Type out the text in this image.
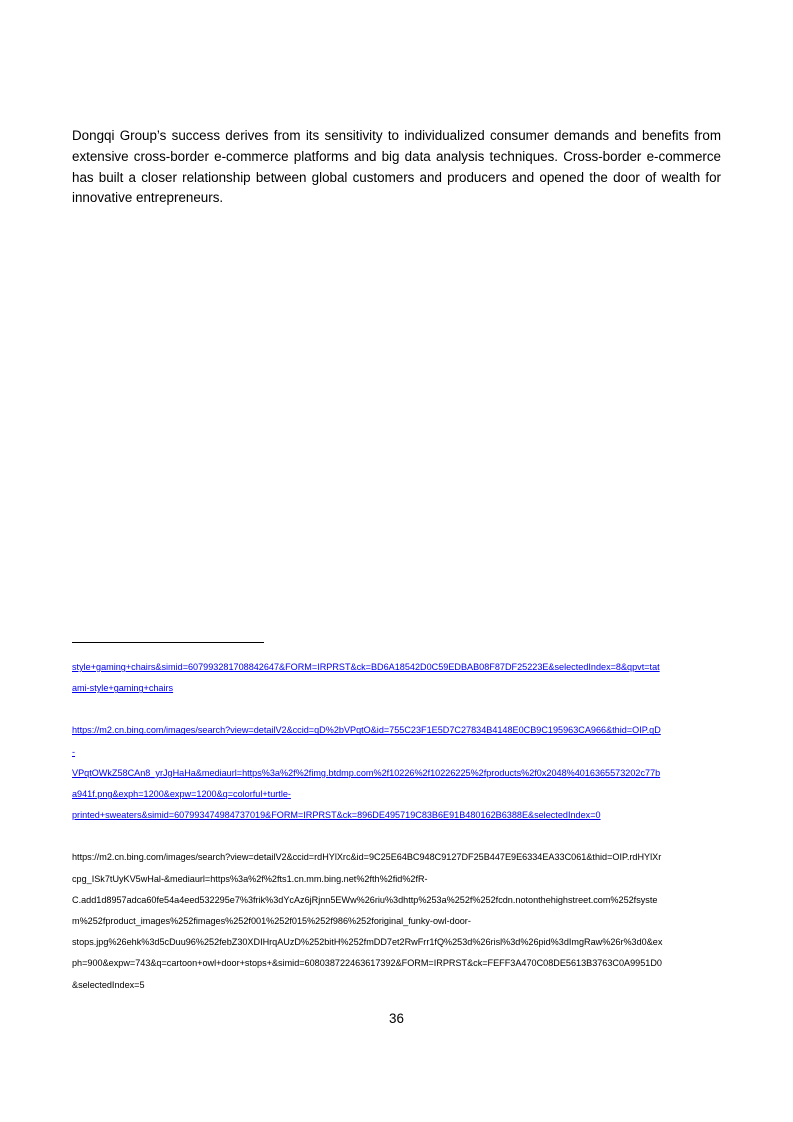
Dongqi Group’s success derives from its sensitivity to individualized consumer demands and benefits from extensive cross-border e-commerce platforms and big data analysis techniques. Cross-border e-commerce has built a closer relationship between global customers and producers and opened the door of wealth for innovative entrepreneurs.

style+gaming+chairs&simid=607993281708842647&FORM=IRPRST&ck=BD6A18542D0C59EDBAB08F87DF25223E&selectedIndex=8&qpvt=tat
ami-style+gaming+chairs
https://m2.cn.bing.com/images/search?view=detailV2&ccid=qD%2bVPqtO&id=755C23F1E5D7C27834B4148E0CB9C195963CA966&thid=OIP.qD
-
VPqtOWkZ58CAn8_yrJgHaHa&mediaurl=https%3a%2f%2fimg.btdmp.com%2f10226%2f10226225%2fproducts%2f0x2048%4016365573202c77b
a941f.png&exph=1200&expw=1200&q=colorful+turtle-
printed+sweaters&simid=607993474984737019&FORM=IRPRST&ck=896DE495719C83B6E91B480162B6388E&selectedIndex=0
https://m2.cn.bing.com/images/search?view=detailV2&ccid=rdHYlXrc&id=9C25E64BC948C9127DF25B447E9E6334EA33C061&thid=OIP.rdHYlXr
cpg_ISk7tUyKV5wHal-&mediaurl=https%3a%2f%2fts1.cn.mm.bing.net%2fth%2fid%2fR-
C.add1d8957adca60fe54a4eed532295e7%3frik%3dYcAz6jRjnn5EWw%26riu%3dhttp%253a%252f%252fcdn.notonthehighstreet.com%252fsyste
m%252fproduct_images%252fimages%252f001%252f015%252f986%252foriginal_funky-owl-door-
stops.jpg%26ehk%3d5cDuu96%252febZ30XDIHrqAUzD%252bitH%252fmDD7et2RwFrr1fQ%253d%26risl%3d%26pid%3dImgRaw%26r%3d0&ex
ph=900&expw=743&q=cartoon+owl+door+stops+&simid=608038722463617392&FORM=IRPRST&ck=FEFF3A470C08DE5613B3763C0A9951D0
&selectedIndex=5
36
